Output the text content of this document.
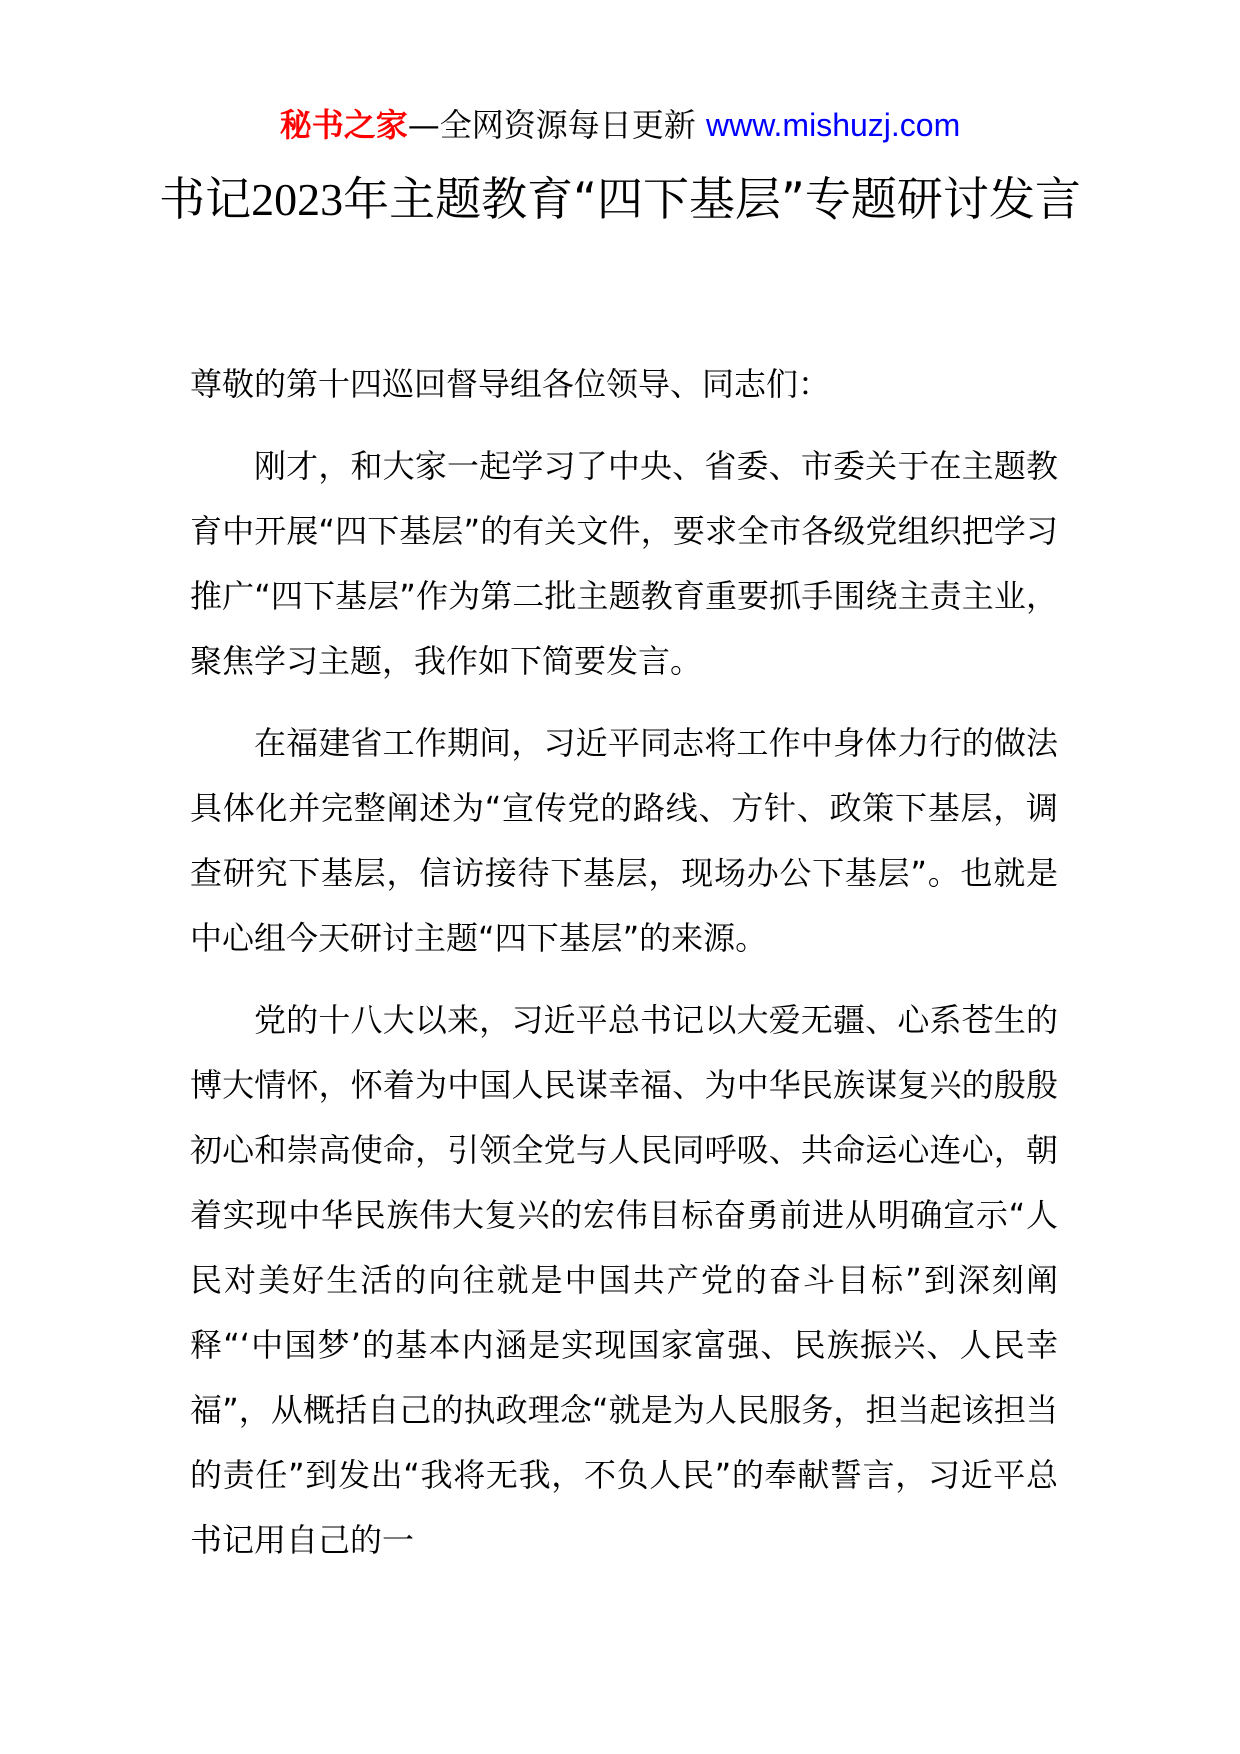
秘书之家—全网资源每日更新 www.mishuzj.com
书记2023年主题教育“四下基层”专题研讨发言

尊敬的第十四巡回督导组各位领导、同志们：

刚才，和大家一起学习了中央、省委、市委关于在主题教育中开展“四下基层”的有关文件，要求全市各级党组织把学习推广“四下基层”作为第二批主题教育重要抓手围绕主责主业，聚焦学习主题，我作如下简要发言。

在福建省工作期间，习近平同志将工作中身体力行的做法具体化并完整阐述为“宣传党的路线、方针、政策下基层，调查研究下基层，信访接待下基层，现场办公下基层”。也就是中心组今天研讨主题“四下基层”的来源。

党的十八大以来，习近平总书记以大爱无疆、心系苍生的博大情怀，怀着为中国人民谋幸福、为中华民族谋复兴的殷殷初心和崇高使命，引领全党与人民同呼吸、共命运心连心，朝着实现中华民族伟大复兴的宏伟目标奋勇前进从明确宣示“人民对美好生活的向往就是中国共产党的奋斗目标”到深刻阐释“‘中国梦’的基本内涵是实现国家富强、民族振兴、人民幸福”，从概括自己的执政理念“就是为人民服务，担当起该担当的责任”到发出“我将无我，不负人民”的奉献誓言，习近平总书记用自己的一
